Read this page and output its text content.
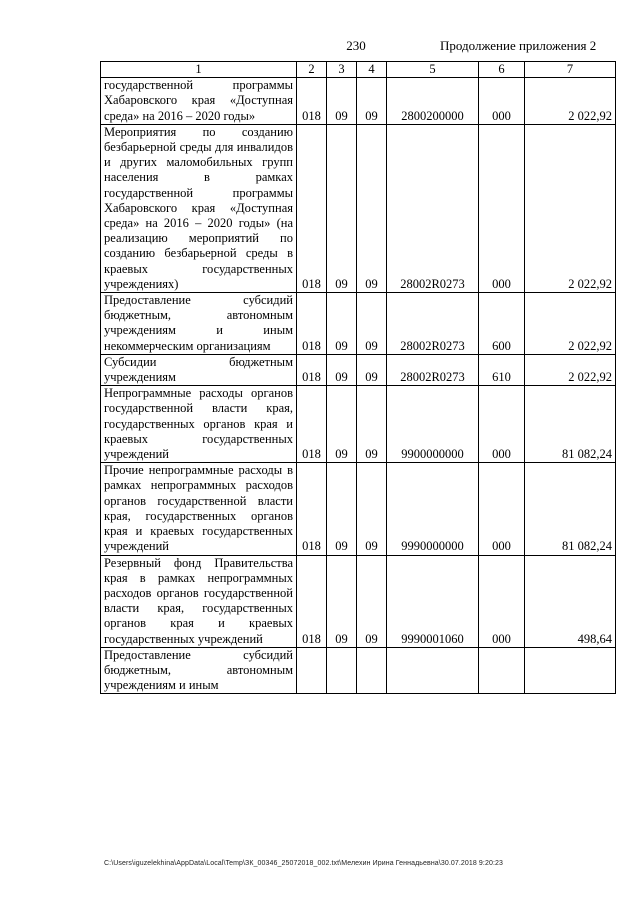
230	Продолжение приложения 2
1	2	3	4	5	6	7
государственной программы Хабаровского края «Доступная среда» на 2016 – 2020 годы»	018	09	09	2800200000	000	2 022,92
Мероприятия по созданию безбарьерной среды для инвалидов и других маломобильных групп населения в рамках государственной программы Хабаровского края «Доступная среда» на 2016 – 2020 годы» (на реализацию мероприятий по созданию безбарьерной среды в краевых государственных учреждениях)	018	09	09	28002R0273	000	2 022,92
Предоставление субсидий бюджетным, автономным учреждениям и иным некоммерческим организациям	018	09	09	28002R0273	600	2 022,92
Субсидии бюджетным учреждениям	018	09	09	28002R0273	610	2 022,92
Непрограммные расходы органов государственной власти края, государственных органов края и краевых государственных учреждений	018	09	09	9900000000	000	81 082,24
Прочие непрограммные расходы в рамках непрограммных расходов органов государственной власти края, государственных органов края и краевых государственных учреждений	018	09	09	9990000000	000	81 082,24
Резервный фонд Правительства края в рамках непрограммных расходов органов государственной власти края, государственных органов края и краевых государственных учреждений	018	09	09	9990001060	000	498,64
Предоставление субсидий бюджетным, автономным учреждениям и иным						
C:\Users\iguzelekhina\AppData\Local\Temp\ЗК_00346_25072018_002.txt\Мелехин Ирина Геннадьевна\30.07.2018 9:20:23
